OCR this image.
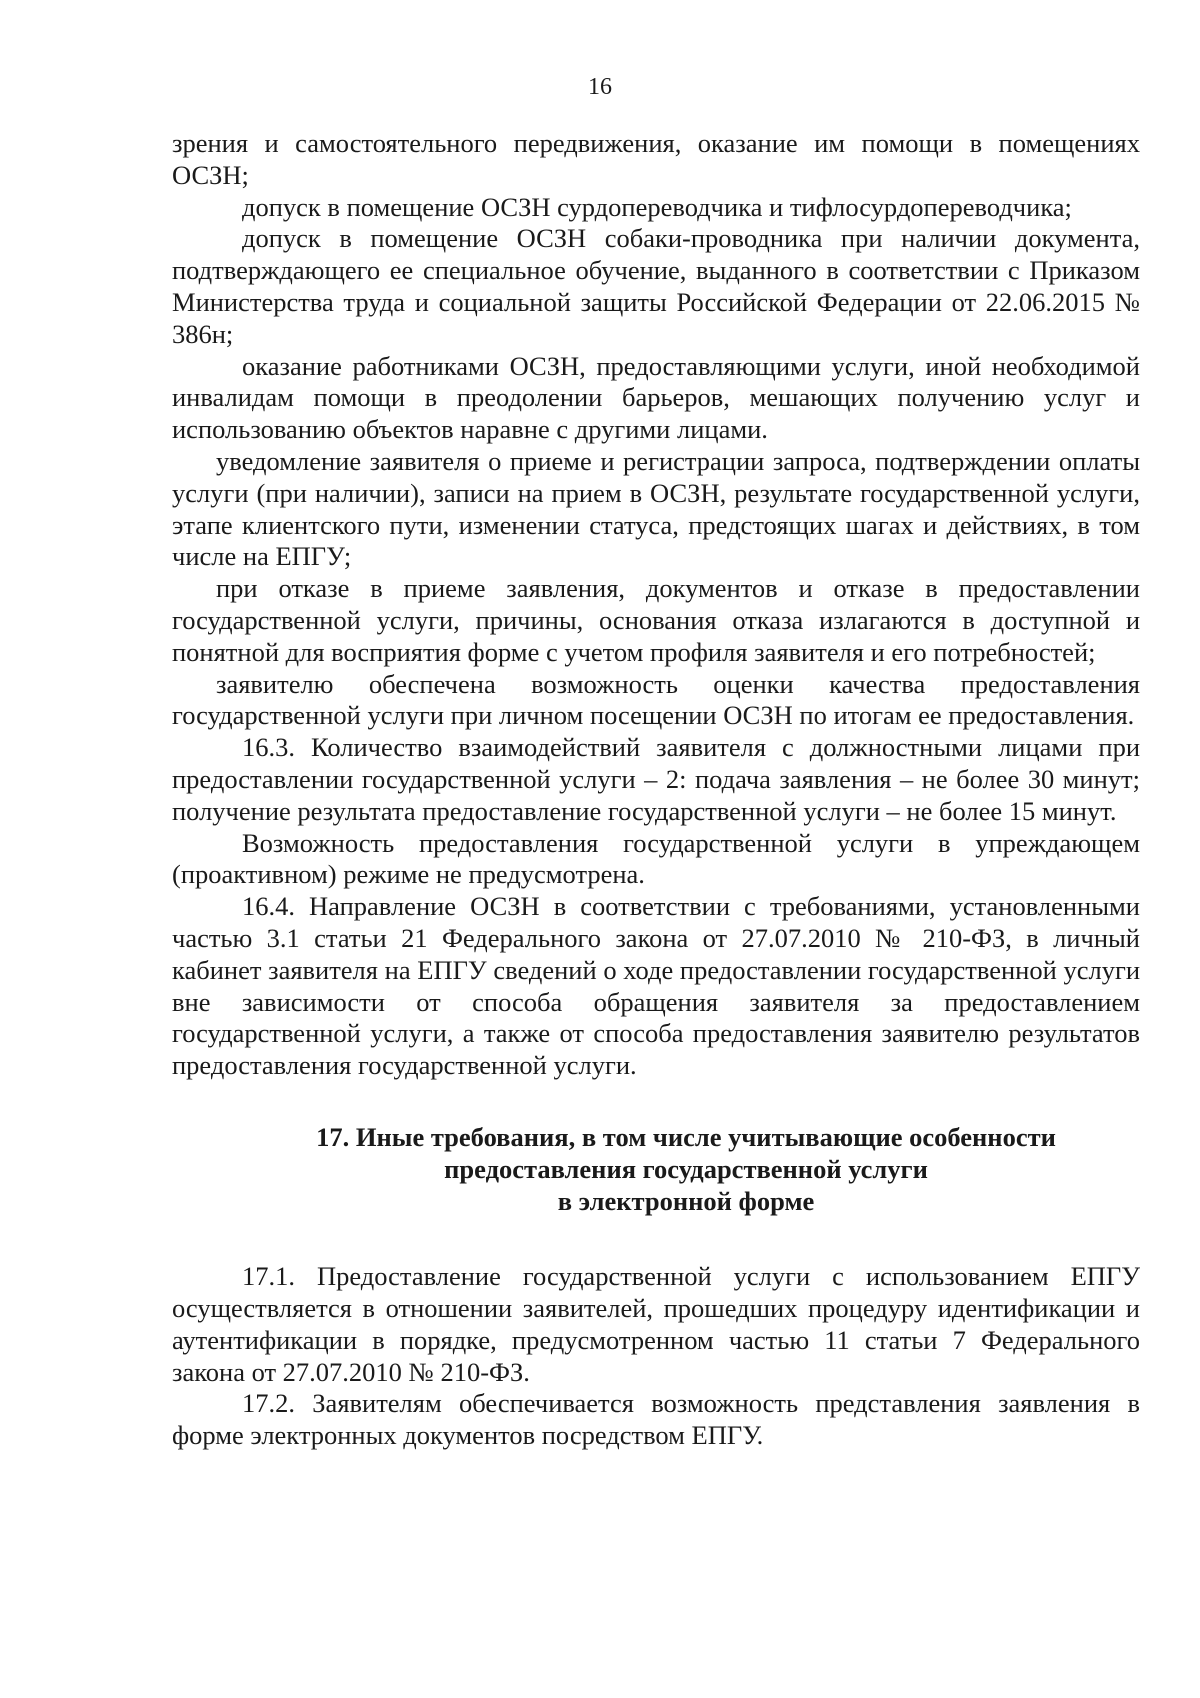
16

зрения и самостоятельного передвижения, оказание им помощи в помещениях ОСЗН;

допуск в помещение ОСЗН сурдопереводчика и тифлосурдопереводчика;

допуск в помещение ОСЗН собаки-проводника при наличии документа, подтверждающего ее специальное обучение, выданного в соответствии с Приказом Министерства труда и социальной защиты Российской Федерации от 22.06.2015 № 386н;

оказание работниками ОСЗН, предоставляющими услуги, иной необходимой инвалидам помощи в преодолении барьеров, мешающих получению услуг и использованию объектов наравне с другими лицами.

уведомление заявителя о приеме и регистрации запроса, подтверждении оплаты услуги (при наличии), записи на прием в ОСЗН, результате государственной услуги, этапе клиентского пути, изменении статуса, предстоящих шагах и действиях, в том числе на ЕПГУ;

при отказе в приеме заявления, документов и отказе в предоставлении государственной услуги, причины, основания отказа излагаются в доступной и понятной для восприятия форме с учетом профиля заявителя и его потребностей;

заявителю обеспечена возможность оценки качества предоставления государственной услуги при личном посещении ОСЗН по итогам ее предоставления.

16.3. Количество взаимодействий заявителя с должностными лицами при предоставлении государственной услуги – 2: подача заявления – не более 30 минут; получение результата предоставление государственной услуги – не более 15 минут.

Возможность предоставления государственной услуги в упреждающем (проактивном) режиме не предусмотрена.

16.4. Направление ОСЗН в соответствии с требованиями, установленными частью 3.1 статьи 21 Федерального закона от 27.07.2010 № 210-ФЗ, в личный кабинет заявителя на ЕПГУ сведений о ходе предоставлении государственной услуги вне зависимости от способа обращения заявителя за предоставлением государственной услуги, а также от способа предоставления заявителю результатов предоставления государственной услуги.

17. Иные требования, в том числе учитывающие особенности
предоставления государственной услуги
в электронной форме

17.1. Предоставление государственной услуги с использованием ЕПГУ осуществляется в отношении заявителей, прошедших процедуру идентификации и аутентификации в порядке, предусмотренном частью 11 статьи 7 Федерального закона от 27.07.2010 № 210-ФЗ.

17.2. Заявителям обеспечивается возможность представления заявления в форме электронных документов посредством ЕПГУ.
